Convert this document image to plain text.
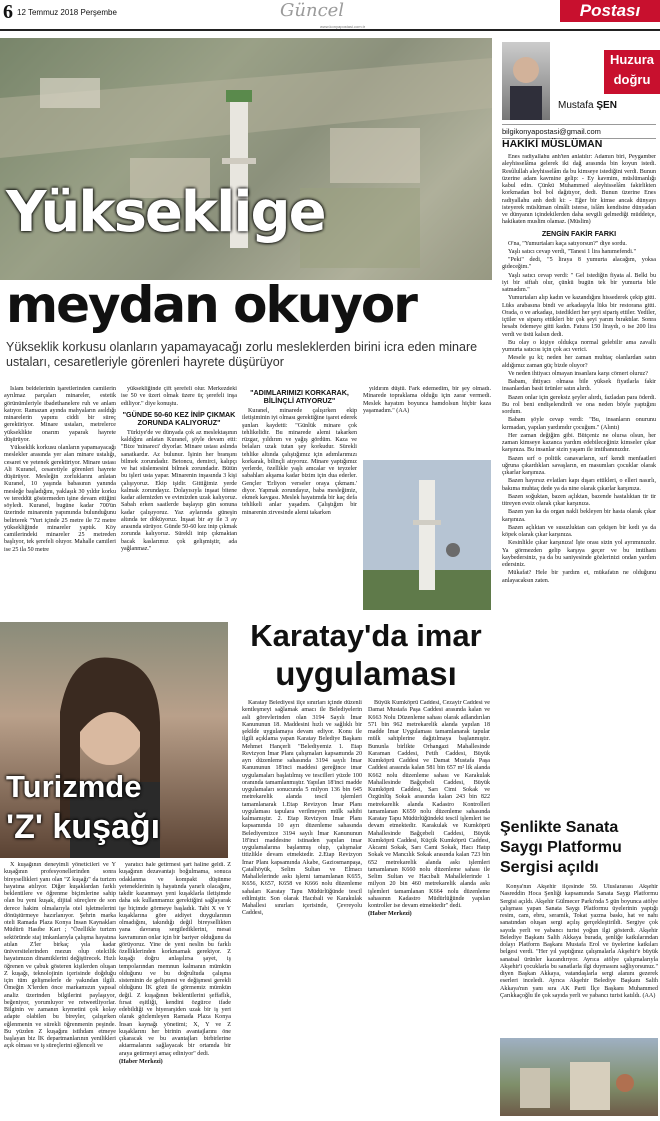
6 12 Temmuz 2018 Perşembe	Güncel
www.konyapostasi.com.tr
Postası
Yükseklige
meydan okuyor
Yükseklik korkusu olanların yapamayacağı zorlu mesleklerden birini icra eden minare ustaları, cesaretleriyle görenleri hayrete düşürüyor

İslam beldelerinin işaretlerinden camilerin ayrılmaz parçaları minareler, estetik görünümleriyle ibadethanelere ruh ve anlam katıyor. Ramazan ayında mahyaların asıldığı minarelerin yapımı ciddi bir süreç gerektiriyor. Minare ustaları, metrelerce yükseklikte onarım yaparak hayrete düşürüyor.

Yükseklik korkusu olanların yapamayacağı meslekler arasında yer alan minare ustalığı, cesaret ve yetenek gerektiriyor. Minare ustası Ali Kuranel, cesaretiyle görenleri hayrete düşürüyor. Mesleğin zorluklarını anlatan Kuranel, 10 yaşında babasının yanında mesleğe başladığını, yaklaşık 30 yıldır korku ve tereddüt göstermeden işine devam ettiğini söyledi. Kuranel, bugüne kadar 700'ün üzerinde minarenin yapımında bulunduğunu belirterek "Yurt içinde 25 metre ile 72 metre yüksekliğinde minareler yaptık. Köy camilerindeki minareler 25 metreden başlıyor, tek şerefeli oluyor. Mahalle camileri ise 25 ila 50 metre

yüksekliğinde çift şerefeli olur. Merkezdeki ise 50 ve üzeri olmak üzere üç şerefeli inşa ediliyor." diye konuştu.

"GÜNDE 50-60 KEZ İNİP ÇIKMAK ZORUNDA KALIYORUZ"

Türkiye'de ve dünyada çok az meslektaşının kaldığını anlatan Kuranel, şöyle devam etti: "Bize 'minareci' diyorlar. Minare ustası aslında sanatkardır. Az bulunur. İşinin her branşını bilmek zorundadır. Betoncu, demirci, kalıpçı ve hat süslemesini bilmek zorundadır. Bütün bu işleri usta yapar. Minarenin inşasında 3 kişi çalışıyoruz. Ekip işidir. Gittiğimiz yerde kalmak zorundayız. Dolayısıyla inşaat bitene kadar ailemizden ve evimizden uzak kalıyoruz. Sabah erken saatlerde başlayıp gün sonuna kadar çalışıyoruz. Yaz aylarında güneşin altında ter döküyoruz. İnşaat bir ay ile 3 ay arasında sürüyor. Günde 50-60 kez inip çıkmak zorunda kalıyoruz. Sürekli inip çıkmaktan bacak kaslarımız çok gelişmiştir, ada yağlanmaz."

"ADIMLARIMIZI KORKARAK, BİLİNÇLİ ATIYORUZ"

Kuranel, minarede çalışırken ekip iletişiminin iyi olması gerektiğine işaret ederek şunları kaydetti: "Günlük minare çok tehlikelidir. Bu minarede alemi takarken rüzgar, yıldırım ve yağış gördüm. Kaza ve belaları uzak tutan şey korkudur. Sürekli tehlike altında çalıştığımız için adımlarımızı korkarak, bilinçli atıyoruz. Minare yaptığımız yerlerde, özellikle yaşlı amcalar ve teyzeler sabahları akşama kadar bizim için dua ederler. Gençler 'Erliyon verseler oraya çıkmam.' diyor. Yapmak zorundayız, baba mesleğimiz, ekmek kavgası. Meslek hayatımda bir kaç defa tehlikeli anlar yaşadım. Çalıştığım bir minarenin zirvesinde alemi takarken

yıldırım düştü. Fark edemedim, bir şey olmadı. Minarede topraklama olduğu için zarar vermedi. Meslek hayatım boyunca hamdolsun hiçbir kaza yaşamadım." (AA)

Turizmde
'Z' kuşağı

X kuşağının deneyimli yöneticileri ve Y kuşağının profesyonellerinden sonra bireysellikleri yanı olan "Z kuşağı" da turizm hayatına atılıyor. Diğer kuşaklardan farklı beklentilere ve öğrenme biçimlerine sahip olan bu yeni kuşak, dijital süreçlere de son derece hakim olmalarıyla otel işletmelerini dönüştürmeye hazırlanıyor. Şehrin marka oteli Ramada Plaza Konya İnsan Kaynakları Müdürü Hasibe Kart ; "Özellikle turizm sektöründe staj imkanlarıyla çalışma hayatına atılan Z'ler birkaç yıla kadar üniversitelerinden mezun olup otelcilik hayatımızın dinamiklerini değiştirecek. Hızlı öğrenen ve çabuk gösteren kişilerden oluşan Z kuşağı, teknolojinin içerisinde doğduğu için tüm gelişmelerle de yakından ilgili. Ömeğin X'lerden önce markamızın yapısal analiz üzerinden bilgilerini paylaşıyor, beğeniyor, yorumluyor ve retweetliyorlar. Bilginin ve zamanın kıymetini çok kolay adapte olabilen bu bireyler, çalışırken eğlenmenin ve sürekli öğrenmenin peşinde. Bu yüzden Z kuşağını istihdam etmeye başlayan biz İK departmanlarının yenilikleri açık olması ve iş süreçlerini eğlenceli ve

yaratıcı hale getirmesi şart haline geldi. Z kuşağının dezavantajı boğulmama, sonuca odaklanma ve kompakt düşünme yeteneklerinin iş hayatında yararlı olacağını, takdir kazanmayı yeni kuşaklarla iletişimde daha sık kullanmamız gerektiğini sağlayarak işe biçimde görmeye başladık. Tabi X ve Y kuşaklarına göre aidiyet duygularının olmadığını, takındığı değil bireysellikten yana davranış sergilediklerini, mesai kavramının onlar için bir bariyer olduğunu da görüyoruz. Yine de yeni neslin bu farklı özelliklerinden korkmamak gerekiyor. Z kuşağı doğru anlaşılırsa şayet, iş tempolarından memnun kalmanın mümkün olduğunu ve bu doğrultuda çalışma sisteminin de gelişmesi ve değişmesi gerekli olduğunu İK gözü ile görmemiz mümkün değil. Z kuşağının beklentilerini şeffaflık, fırsat eşitliği, kendini özgürce ifade edebildiği ve hiyerarşiden uzak bir iş yeri olarak gözlemleyen Ramada Plaza Konya İnsan kaynağı yönetimi; X, Y ve Z kuşaklarını her birinin avantajlarını öne çıkaracak ve bu avantajları birbirlerine aktarmalarını sağlayacak bir ortamda bir araya getirmeyi amaç ediniyor" dedi.

(Haber Merkezi)
Karatay'da imar
uygulaması

Karatay Belediyesi ilçe sınırları içinde düzenli kentleşmeyi sağlamak amacı ile Belediyelerin asli görevlerinden olan 3194 Sayılı İmar Kanununun 18. Maddesini hızlı ve sağlıklı bir şekilde uygulamaya devam ediyor. Konu ile ilgili açıklama yapan Karatay Belediye Başkanı Mehmet Hançerli "Belediyemiz 1. Etap Revizyon İmar Planı çalışmaları kapsamında 20 ayrı düzenleme sahasında 3194 sayılı İmar Kanununun 18'inci maddesi gereğince imar uygulamaları başlatılmış ve tescilleri yüzde 100 oranında tamamlanmıştır. Yapılan 18'inci madde uygulamaları sonucunda 5 milyon 136 bin 645 metrekarelik alanda tescil işlemleri tamamlanarak 1.Etap Revizyon İmar Planı uygulaması tapulara verilmeyen mülk sahibi kalmamıştır. 2. Etap Revizyon İmar Planı kapsamında 10 ayrı düzenleme sahasında Belediyemizce 3194 sayılı İmar Kanununun 18'inci maddesine istinaden yapılan imar uygulamalarına başlanmış olup, çalışmalar titizlikle devam etmektedir. 2.Etap Revizyon İmar Planı kapsamında Akabe, Gaziosmanpaşa, Çatalhöyük, Selim Sultan ve Elmacı Mahallelerinde askı işlemi tamamlanan K655, K656, K657, K658 ve K666 nolu düzenleme sahaları Karatay Tapu Müdürlüğünde tescil edilmiştir. Son olarak Hacıbali ve Karakulak Mahallesi sınırları içerisinde, Çevreyolu Caddesi,

Büyük Kumköprü Caddesi, Cezayir Caddesi ve Damat Mustafa Paşa Caddesi arasında kalan ve K663 Nolu Düzenleme sahası olarak adlandırılan 571 bin 962 metrekarelik alanda yapılan 18 madde İmar Uygulaması tamamlanarak tapular mülk sahiplerine dağıtılmaya başlanmıştır. Bununla birlikte Orhangazi Mahallesinde Karaman Caddesi, Fetih Caddesi, Büyük Kumköprü Caddesi ve Damat Mustafa Paşa Caddesi arasında kalan 581 bin 657 m² lik alanda K662 nolu düzenleme sahası ve Karakulak Mahallesinde Bağçebeli Caddesi, Büyük Kumköprü Caddesi, Sarı Cimi Sokak ve Özgünlüş Sokak arasında kalan 243 bin 822 metrekarelik alanda Kadastro Kontrolleri tamamlanan K659 nolu düzenleme sahasında Karatay Tapu Müdürlüğündeki tescil işlemleri ise devam etmektedir. Karakulak ve Kumköprü Mahallesinde Bağçebeli Caddesi, Büyük Kumköprü Caddesi, Küçük Kumköprü Caddesi, Akcami Sokak, Sarı Cami Sokak, Hacı Hatıp Sokak ve Mancılık Sokak arasında kalan 723 bin 652 metrekarelik alanda askı işlemleri tamamlanan K660 nolu düzenleme sahası ile Selim Sultan ve Hacıbali Mahallelerinde 1 milyon 20 bin 460 metrekarelik alanda askı işlemleri tamamlanan K664 nolu düzenleme sahasının Kadastro Müdürlüğünde yapılan kontroller ise devam etmektedir" dedi.

(Haber Merkezi)
Huzura
doğru
Mustafa ŞEN
bilgikonyapostasi@gmail.com
HAKİKİ MÜSLÜMAN

Enes radiyallahu anh'ten anlatılır: Adamın biri, Peygamber aleyhisselâma gelerek iki dağ arasında bin koyun istedi. Resûlullah aleyhisselâm da bu kimseye istediğini verdi. Bunun üzerine adam kavmine gelip: - Ey kavmim, müslümanlığı kabul edin. Çünkü Muhammed aleyhisselâm fakirlikten korkmadan bol bol dağıtıyor, dedi. Bunun üzerine Enes radiyallahu anh dedi ki: - Eğer bir kimse ancak dünyayı isteyerek müslüman olmâlt isterse, islâm kendisine dünyadan ve dünyanın içindekilerden daha sevgili gelmediği müddetçe, hakikaten muslim olamaz. (Müslim)

ZENGİN FAKİR FARKI

O'na, "Yumurtaları kaça satıyorsun?" diye sordu.

Yaşlı satıcı cevap verdi, "Tanesi 1 lira hanımefendi."

"Peki" dedi, "5 liraya 8 yumurta alacağım, yoksa gideceğim."

Yaşlı satıcı cevap verdi: " Gel istediğin fiyata al. Belki bu iyi bir siftah olur, çünkü bugün tek bir yumurta bile satmadım."

Yumurtaları alıp kadın ve kazandığını hissederek çekip gitti. Lüks arabasına bindi ve arkadaşıyla lüks bir restorana gitti. Orada, o ve arkadaşı, istedikleri her şeyi sipariş ettiler. Yediler, içtiler ve siparış ettikleri bir çok şeyi yarım bıraktılar. Sonra hesabı ödemeye gitti kadın. Fatura 150 liraydı, o ise 200 lira verdi ve üstü kalsın dedi.

Bu olay o kişiye oldukça normal gelebilir ama zavallı yumurta satıcısı için çok acı verici.

Mesele şu ki; neden her zaman muhtaç olanlardan satın aldığımız zaman güç bizde oluyor?

Ve neden ihtiyacı olmayan insanlara karşı cömert oluruz?

Babam, ihtiyacı olmasa bile yüksek fiyatlarla fakir insanlardan basit ürünler satın alırdı.

Bazen onlar için gereksiz şeyler alırdı, fazladan para öderdi. Bu rol beni endişelendirdi ve ona neden böyle yaptığını sordum.

Babam şöyle cevap verdi: "Bu, insanların onurunu kırmadan, yapılan yardımdır çocuğum." (Alıntı)

Her zaman değiğim gibi. Bütçeniz ne olursa olsun, her zaman kimseye kazanca yardım edebileceğiniz kimseler çıkar karşınıza. Bu insanlar sizin yaşam ile imtihanınızdır.

Bazen sırf o politik canavarların, sırf kendi menfaatleri uğruna çıkardıkları savaşların, en masumları çocuklar olarak çıkarlar karşınıza.

Bazen hayırsız evlatları kapı dışarı ettikleri, o elleri nasırlı, bakıma muhtaç dede ya da nine olarak çıkarlar karşınıza.

Bazen soğuktan, bazen açlıktan, bazende hastalıktan tir tir titreyen evsiz olarak çıkar karşınıza.

Bazen yan ka da organ nakli bekleyen bir hasta olarak çıkar karşınıza.

Bazen açlıktan ve susuzluktan can çekişen bir kedi ya da köpek olarak çıkar karşınıza.

Kesinlikle çıkar karşınıza! İşte orası sizin yol ayrımınızdır. Ya görmezden gelip karşıya geçer ve bu imtihanı kaybedersiniz, ya da bu saniyesinde gözlerinizi ondan yardım edersiniz.

Mükafat? Hele bir yardım et, mükafatın ne olduğunu anlayacaksın zaten.

Şenlikte Sanata
Saygı Platformu
Sergisi açıldı

Konya'nın Akşehir ilçesinde 59. Uluslararası Akşehir Nasreddin Hoca Şenliği kapsamında Sanata Saygı Platformu Sergisi açıldı. Akşehir Gülmecer Parkı'nda 5 gün boyunca atölye çalışması yapan Sanata Saygı Platformu üyelerinin yaptığı resim, cam, ebru, seramik, Tokat yazma baskı, hat ve nahı sanatından oluşan sergi açılış gerçekleştirildi. Sergiye çok sayıda yerli ve yabancı turist yoğun ilgi gösterdi. Akşehir Belediye Başkanı Salih Akkaya burada, şenliğe katkılarından dolayı Platform Başkanı Mustafa Erol ve üyelerine katkıları belgesi verdi. "Her yıl yaptığınız çalışmalarla Akşehir'e büyük sanatsal ürünler kazandırıyor. Ayrıca atölye çalışmalarıyla Akşehir'i çocuklarla bu sanatlarla ilgi duymasını sağlıyorsunuz." diyen Başkan Akkaya, vatandaşlarla sergi alanını gezerek eserleri inceledi. Ayrıca Akşehir Belediye Başkanı Salih Akkaya'nın yanı sıra AK Parti İlçe Başkanı Muhammed Çarıkkaçoğlu ile çok sayıda yerli ve yabancı turist katıldı. (AA)
